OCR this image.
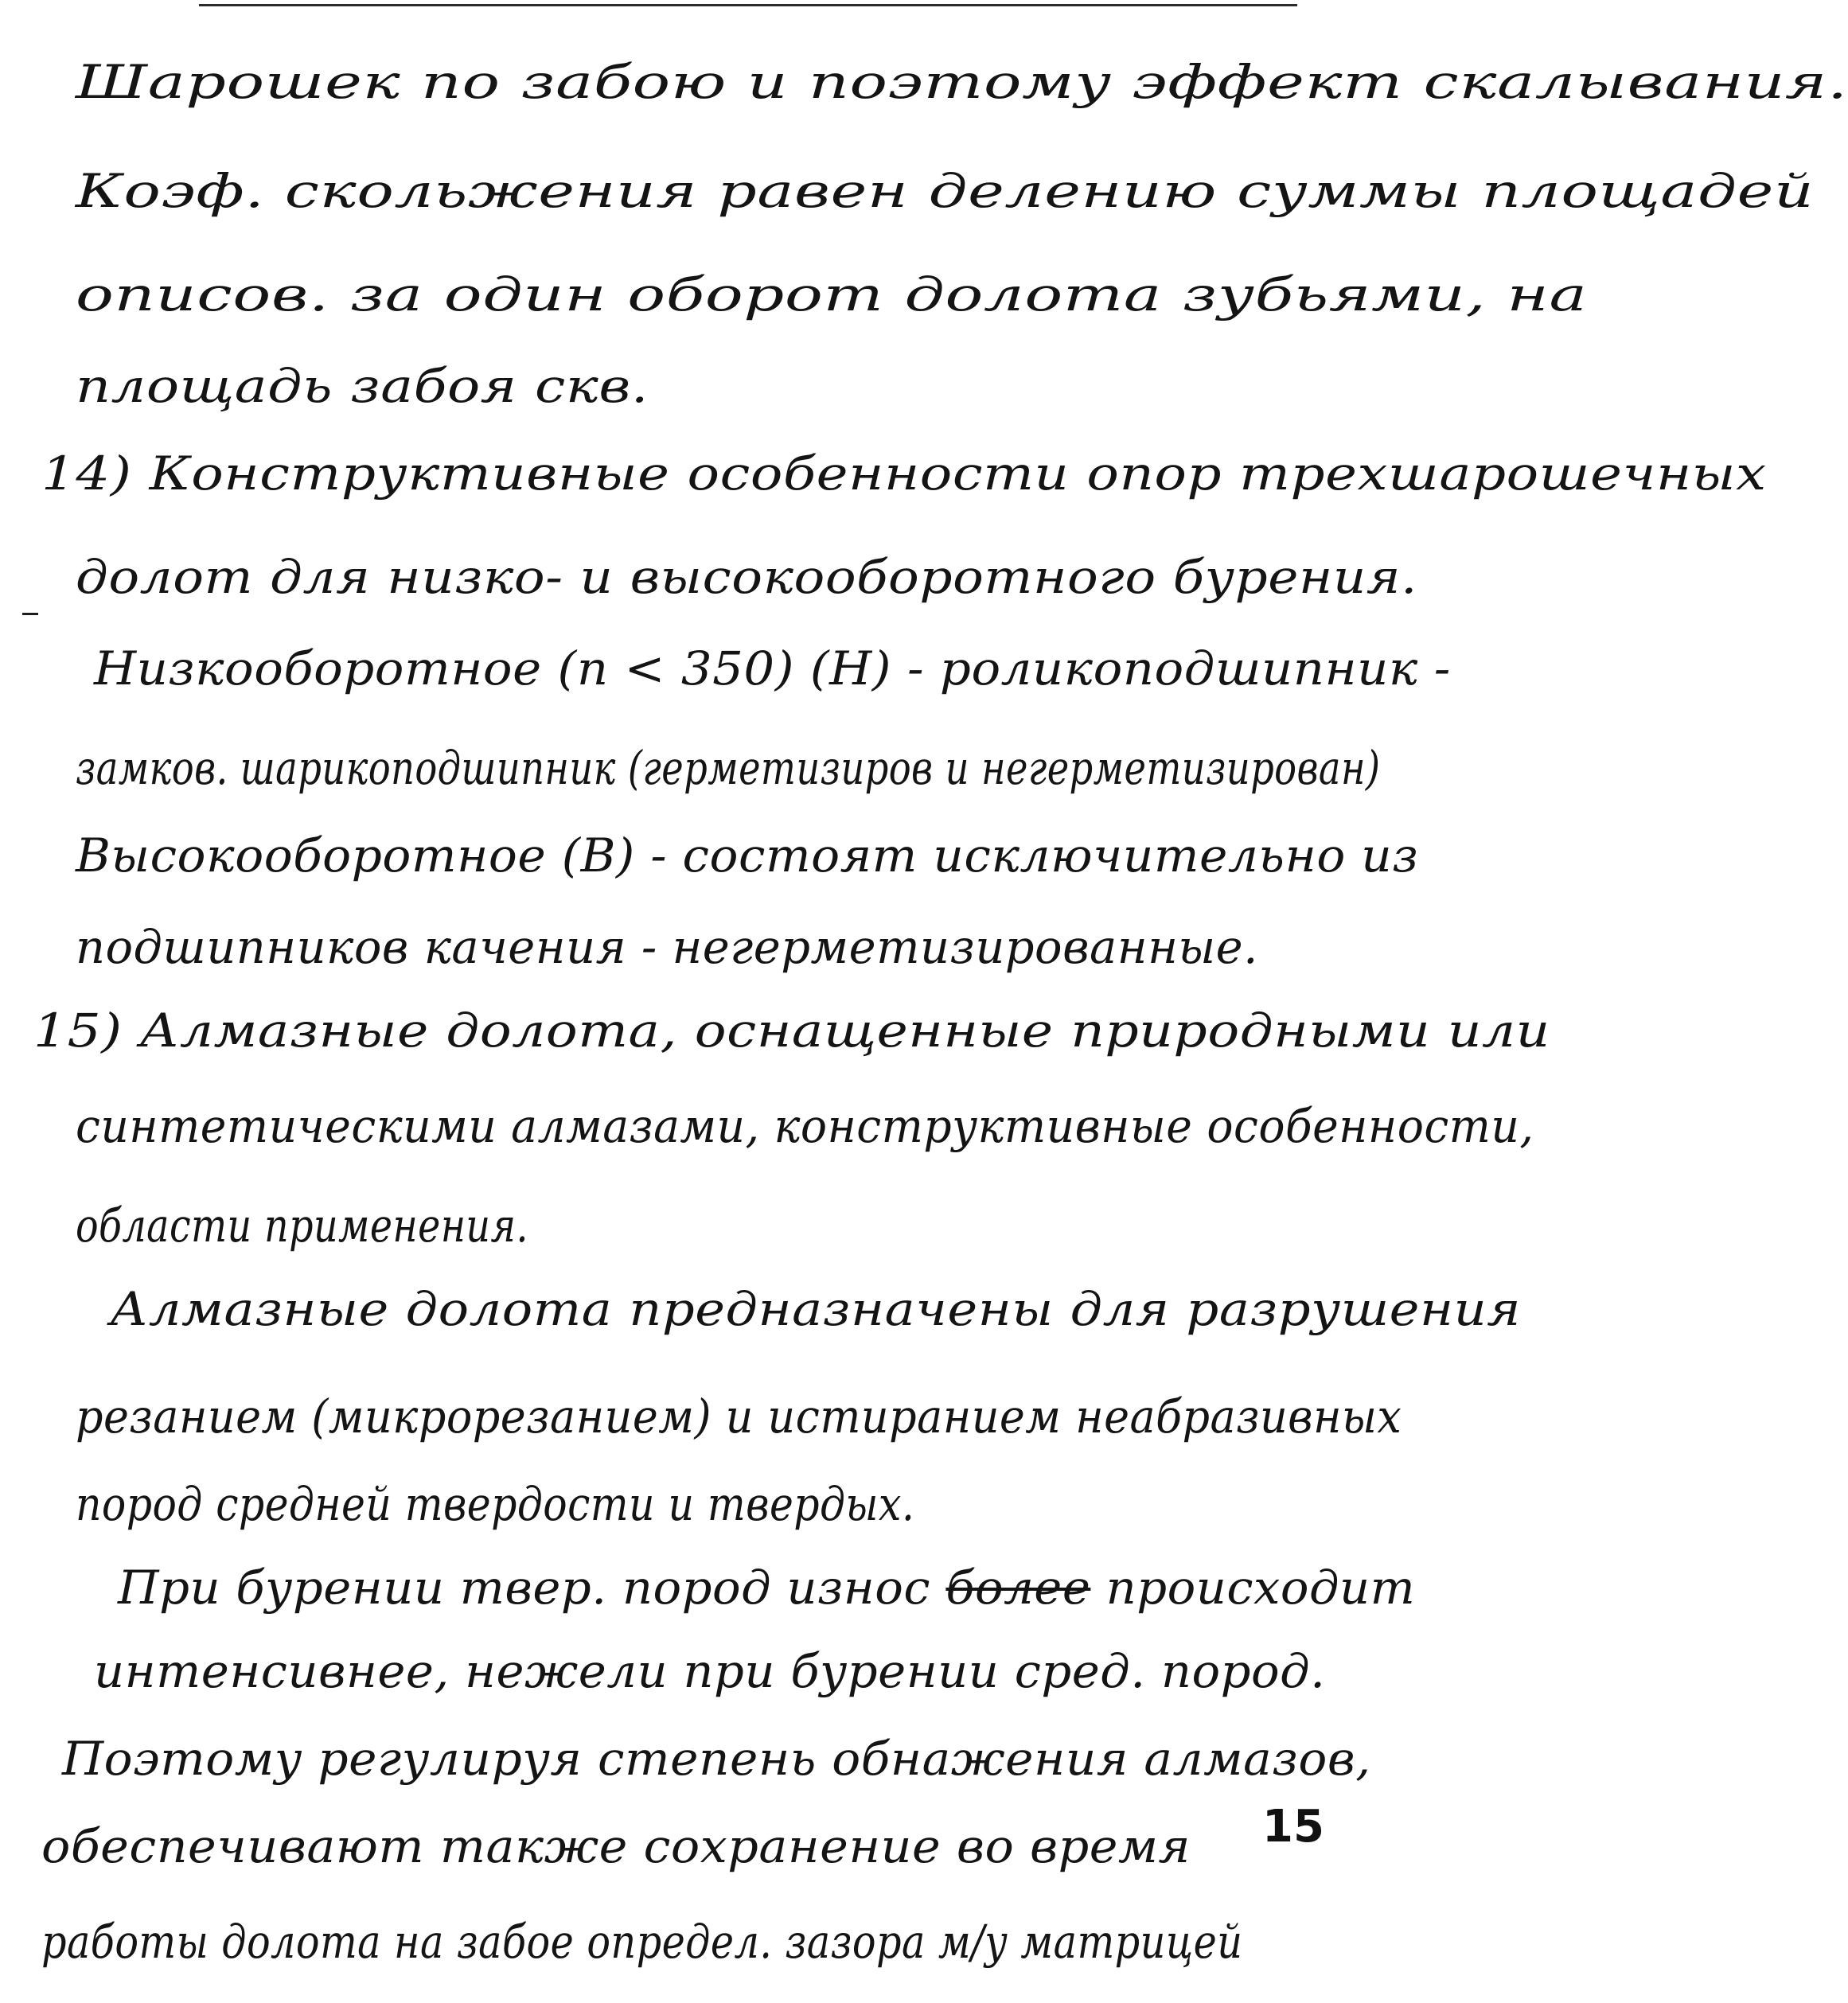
Шарошек по забою и поэтому эффект скалывания.
Коэф. скольжения равен делению суммы площадей
описов. за один оборот долота зубьями, на
площадь забоя скв.
14) Конструктивные особенности опор трехшарошечных
долот для низко- и высокооборотного бурения.
Низкооборотное (n < 350) (Н) - роликоподшипник -
замков. шарикоподшипник (герметизиров и негерметизирован)
Высокооборотное (В) - состоят исключительно из
подшипников качения - негерметизированные.
15) Алмазные долота, оснащенные природными или
синтетическими алмазами, конструктивные особенности,
области применения.
Алмазные долота предназначены для разрушения
резанием (микрорезанием) и истиранием неабразивных
пород средней твердости и твердых.
При бурении твер. пород износ более происходит
интенсивнее, нежели при бурении сред. пород.
Поэтому регулируя степень обнажения алмазов,
обеспечивают также сохранение во время
работы долота на забое определ. зазора м/у матрицей
15
